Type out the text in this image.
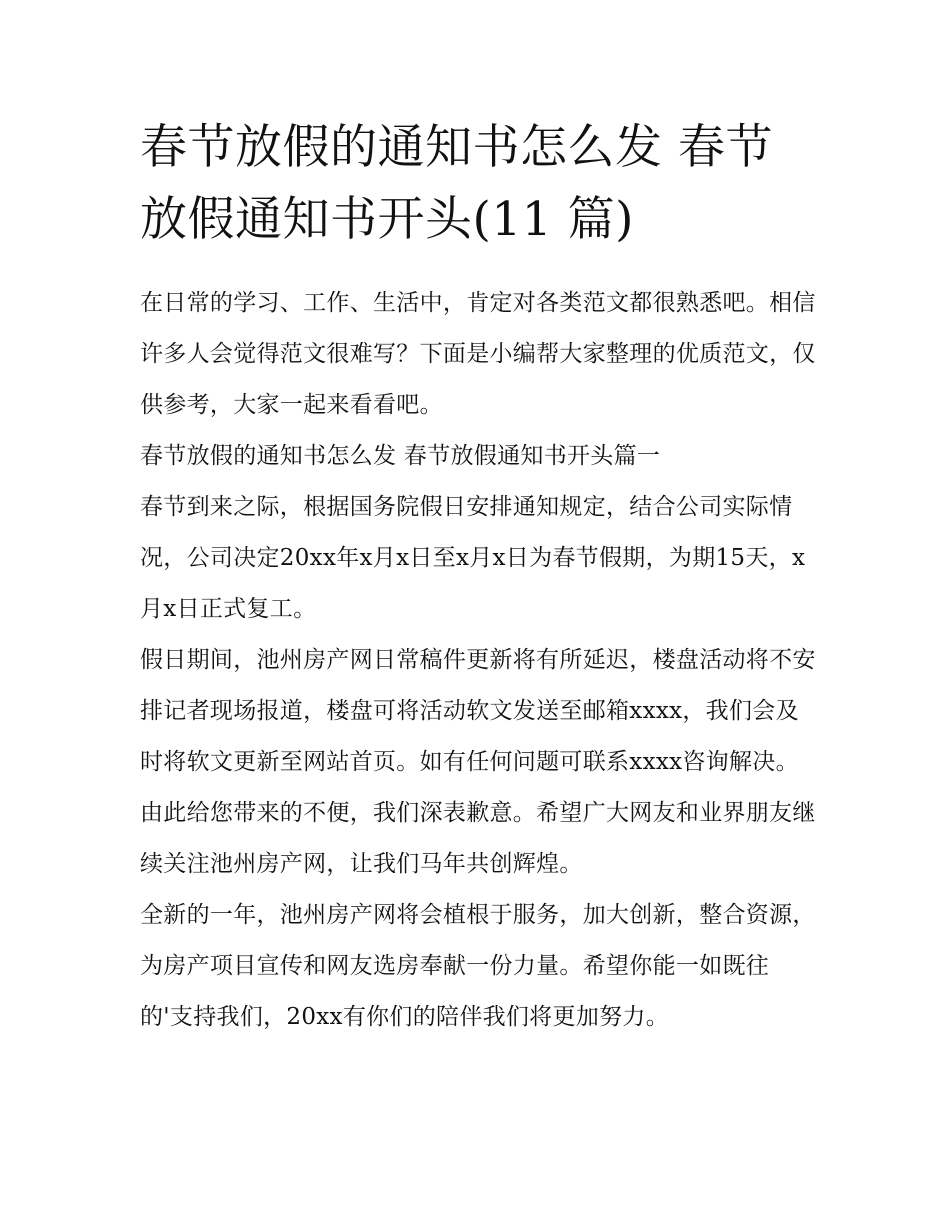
春节放假的通知书怎么发 春节放假通知书开头(11 篇)

在日常的学习、工作、生活中，肯定对各类范文都很熟悉吧。相信许多人会觉得范文很难写？下面是小编帮大家整理的优质范文，仅供参考，大家一起来看看吧。

春节放假的通知书怎么发 春节放假通知书开头篇一

春节到来之际，根据国务院假日安排通知规定，结合公司实际情况，公司决定20xx年x月x日至x月x日为春节假期，为期15天，x月x日正式复工。

假日期间，池州房产网日常稿件更新将有所延迟，楼盘活动将不安排记者现场报道，楼盘可将活动软文发送至邮箱xxxx，我们会及时将软文更新至网站首页。如有任何问题可联系xxxx咨询解决。由此给您带来的不便，我们深表歉意。希望广大网友和业界朋友继续关注池州房产网，让我们马年共创辉煌。

全新的一年，池州房产网将会植根于服务，加大创新，整合资源，为房产项目宣传和网友选房奉献一份力量。希望你能一如既往的'支持我们，20xx有你们的陪伴我们将更加努力。
